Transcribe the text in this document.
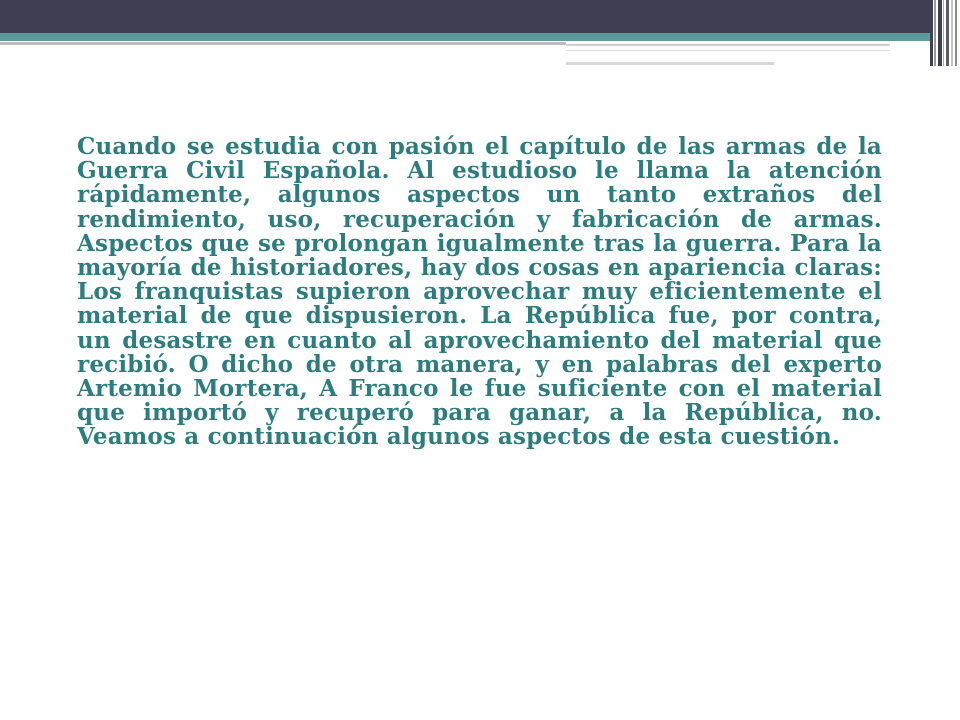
Cuando se estudia con pasión el capítulo de las armas de la Guerra Civil Española. Al estudioso le llama la atención rápidamente, algunos aspectos un tanto extraños del rendimiento, uso, recuperación y fabricación de armas. Aspectos que se prolongan igualmente tras la guerra. Para la mayoría de historiadores, hay dos cosas en apariencia claras: Los franquistas supieron aprovechar muy eficientemente el material de que dispusieron. La República fue, por contra, un desastre en cuanto al aprovechamiento del material que recibió. O dicho de otra manera, y en palabras del experto Artemio Mortera, A Franco le fue suficiente con el material que importó y recuperó para ganar, a la República, no. Veamos a continuación algunos aspectos de esta cuestión.
